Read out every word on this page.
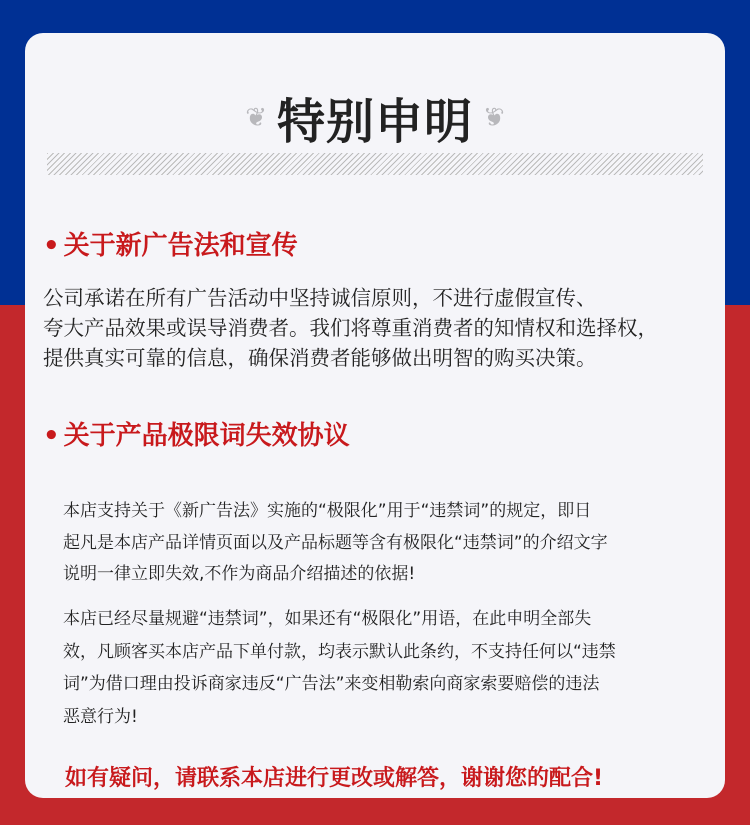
❦ 特别申明 ❦
• 关于新广告法和宣传
公司承诺在所有广告活动中坚持诚信原则，不进行虚假宣传、
夸大产品效果或误导消费者。我们将尊重消费者的知情权和选择权，
提供真实可靠的信息，确保消费者能够做出明智的购买决策。
• 关于产品极限词失效协议
本店支持关于《新广告法》实施的“极限化”用于“违禁词”的规定，即日
起凡是本店产品详情页面以及产品标题等含有极限化“违禁词”的介绍文字
说明一律立即失效,不作为商品介绍描述的依据!
本店已经尽量规避“违禁词”，如果还有“极限化”用语，在此申明全部失
效，凡顾客买本店产品下单付款，均表示默认此条约，不支持任何以“违禁
词”为借口理由投诉商家违反“广告法”来变相勒索向商家索要赔偿的违法
恶意行为!
如有疑问，请联系本店进行更改或解答，谢谢您的配合!
